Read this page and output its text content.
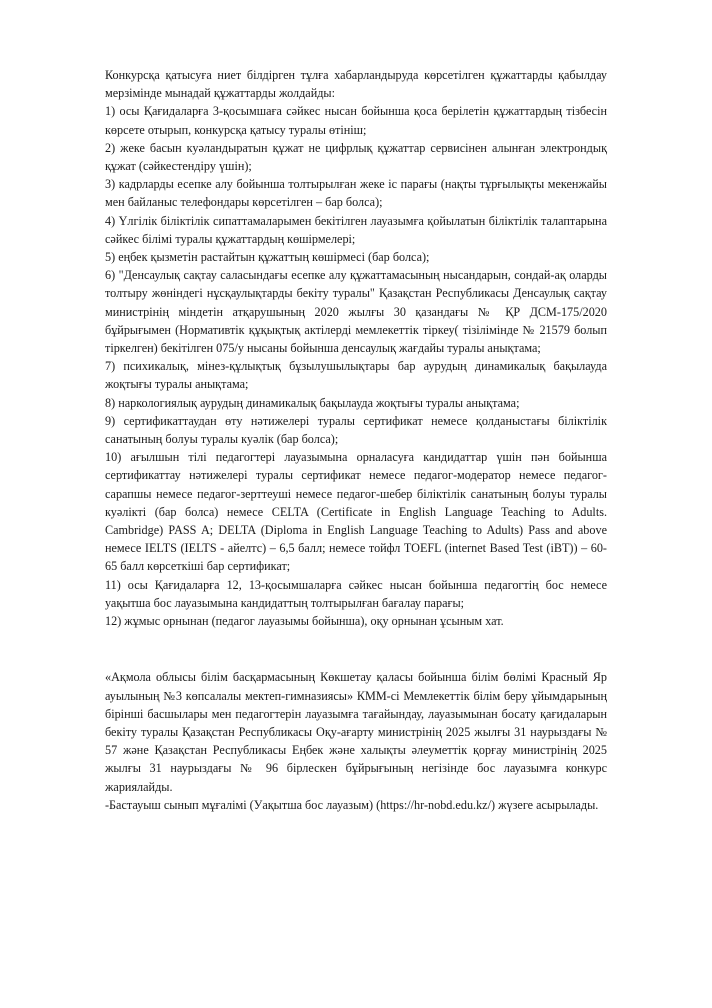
Конкурсқа қатысуға ниет білдірген тұлға хабарландыруда көрсетілген құжаттарды қабылдау мерзімінде мынадай құжаттарды жолдайды:

1) осы Қағидаларға 3-қосымшаға сәйкес нысан бойынша қоса берілетін құжаттардың тізбесін көрсете отырып, конкурсқа қатысу туралы өтініш;

2) жеке басын куәландыратын құжат не цифрлық құжаттар сервисінен алынған электрондық құжат (сәйкестендіру үшін);

3) кадрларды есепке алу бойынша толтырылған жеке іс парағы (нақты тұрғылықты мекенжайы мен байланыс телефондары көрсетілген – бар болса);

4) Үлгілік біліктілік сипаттамаларымен бекітілген лауазымға қойылатын біліктілік талаптарына сәйкес білімі туралы құжаттардың көшірмелері;

5) еңбек қызметін растайтын құжаттың көшірмесі (бар болса);

6) "Денсаулық сақтау саласындағы есепке алу құжаттамасының нысандарын, сондай-ақ оларды толтыру жөніндегі нұсқаулықтарды бекіту туралы" Қазақстан Республикасы Денсаулық сақтау министрінің міндетін атқарушының 2020 жылғы 30 қазандағы № ҚР ДСМ-175/2020 бұйрығымен (Нормативтік құқықтық актілерді мемлекеттік тіркеу( тізілімінде № 21579 болып тіркелген) бекітілген 075/у нысаны бойынша денсаулық жағдайы туралы анықтама;

7) психикалық, мінез-құлықтық бұзылушылықтары бар аурудың динамикалық бақылауда жоқтығы туралы анықтама;

8) наркологиялық аурудың динамикалық бақылауда жоқтығы туралы анықтама;

9) сертификаттаудан өту нәтижелері туралы сертификат немесе қолданыстағы біліктілік санатының болуы туралы куәлік (бар болса);

10) ағылшын тілі педагогтері лауазымына орналасуға кандидаттар үшін пән бойынша сертификаттау нәтижелері туралы сертификат немесе педагог-модератор немесе педагог-сарапшы немесе педагог-зерттеуші немесе педагог-шебер біліктілік санатының болуы туралы куәлікті (бар болса) немесе CELTA (Certificate in English Language Teaching to Adults. Cambridge) PASS A; DELTA (Diploma in English Language Teaching to Adults) Pass and above немесе IELTS (IELTS - айелтс) – 6,5 балл; немесе тойфл TOEFL (internet Based Test (iBT)) – 60-65 балл көрсеткіші бар сертификат;

11) осы Қағидаларға 12, 13-қосымшаларға сәйкес нысан бойынша педагогтің бос немесе уақытша бос лауазымына кандидаттың толтырылған бағалау парағы;

12) жұмыс орнынан (педагог лауазымы бойынша), оқу орнынан ұсыным хат.

«Ақмола облысы білім басқармасының Көкшетау қаласы бойынша білім бөлімі Красный Яр ауылының №3 көпсалалы мектеп-гимназиясы» КММ-сі Мемлекеттік білім беру ұйымдарының бірінші басшылары мен педагогтерін лауазымға тағайындау, лауазымынан босату қағидаларын бекіту туралы Қазақстан Республикасы Оқу-ағарту министрінің 2025 жылғы 31 наурыздағы № 57 және Қазақстан Республикасы Еңбек және халықты әлеуметтік қорғау министрінің 2025 жылғы 31 наурыздағы № 96 бірлескен бұйрығының негізінде бос лауазымға конкурс жариялайды.

-Бастауыш сынып мұғалімі (Уақытша бос лауазым) (https://hr-nobd.edu.kz/) жүзеге асырылады.
